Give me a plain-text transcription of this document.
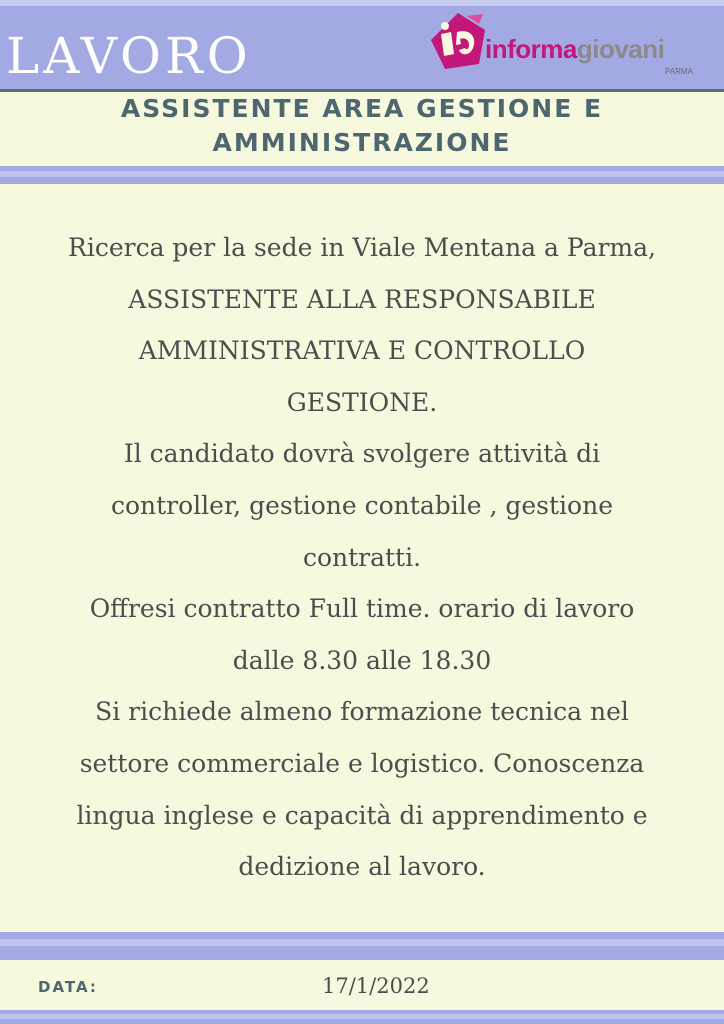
LAVORO	informagiovani
PARMA
ASSISTENTE AREA GESTIONE E
AMMINISTRAZIONE
Ricerca per la sede in Viale Mentana a Parma,
ASSISTENTE ALLA RESPONSABILE
AMMINISTRATIVA E CONTROLLO
GESTIONE.
Il candidato dovrà svolgere attività di
controller, gestione contabile , gestione
contratti.
Offresi contratto Full time. orario di lavoro
dalle 8.30 alle 18.30
Si richiede almeno formazione tecnica nel
settore commerciale e logistico. Conoscenza
lingua inglese e capacità di apprendimento e
dedizione al lavoro.
DATA:	17/1/2022
